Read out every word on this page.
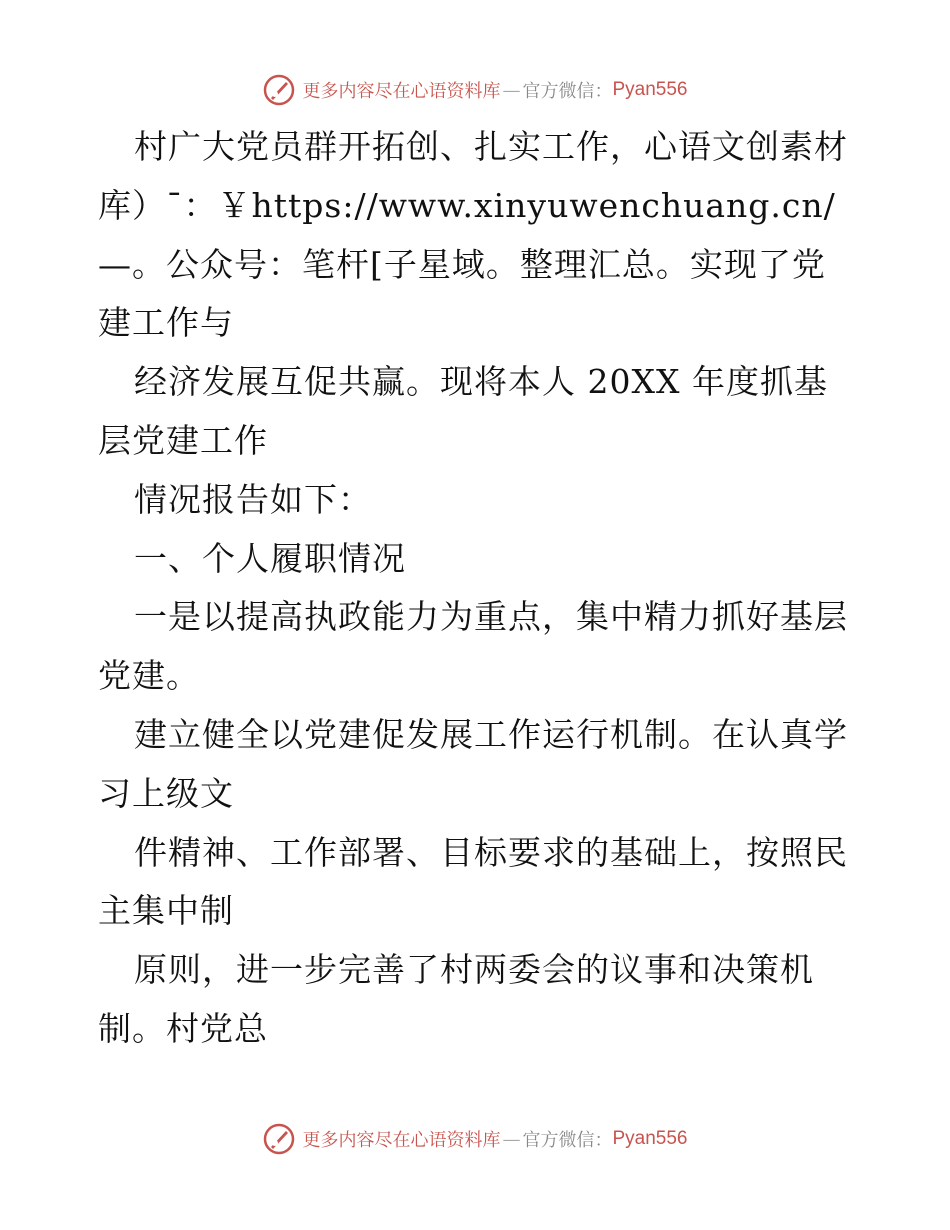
更多内容尽在心语资料库 — 官方微信： Pyan556

村广大党员群开拓创、扎实工作，心语文创素材库）¯：￥https://www.xinyuwenchuang.cn/—。公众号：笔杆[子星域。整理汇总。实现了党建工作与

经济发展互促共赢。现将本人 20XX 年度抓基层党建工作

情况报告如下：

一、个人履职情况

一是以提高执政能力为重点，集中精力抓好基层党建。

建立健全以党建促发展工作运行机制。在认真学习上级文

件精神、工作部署、目标要求的基础上，按照民主集中制

原则，进一步完善了村两委会的议事和决策机制。村党总

更多内容尽在心语资料库 — 官方微信： Pyan556
